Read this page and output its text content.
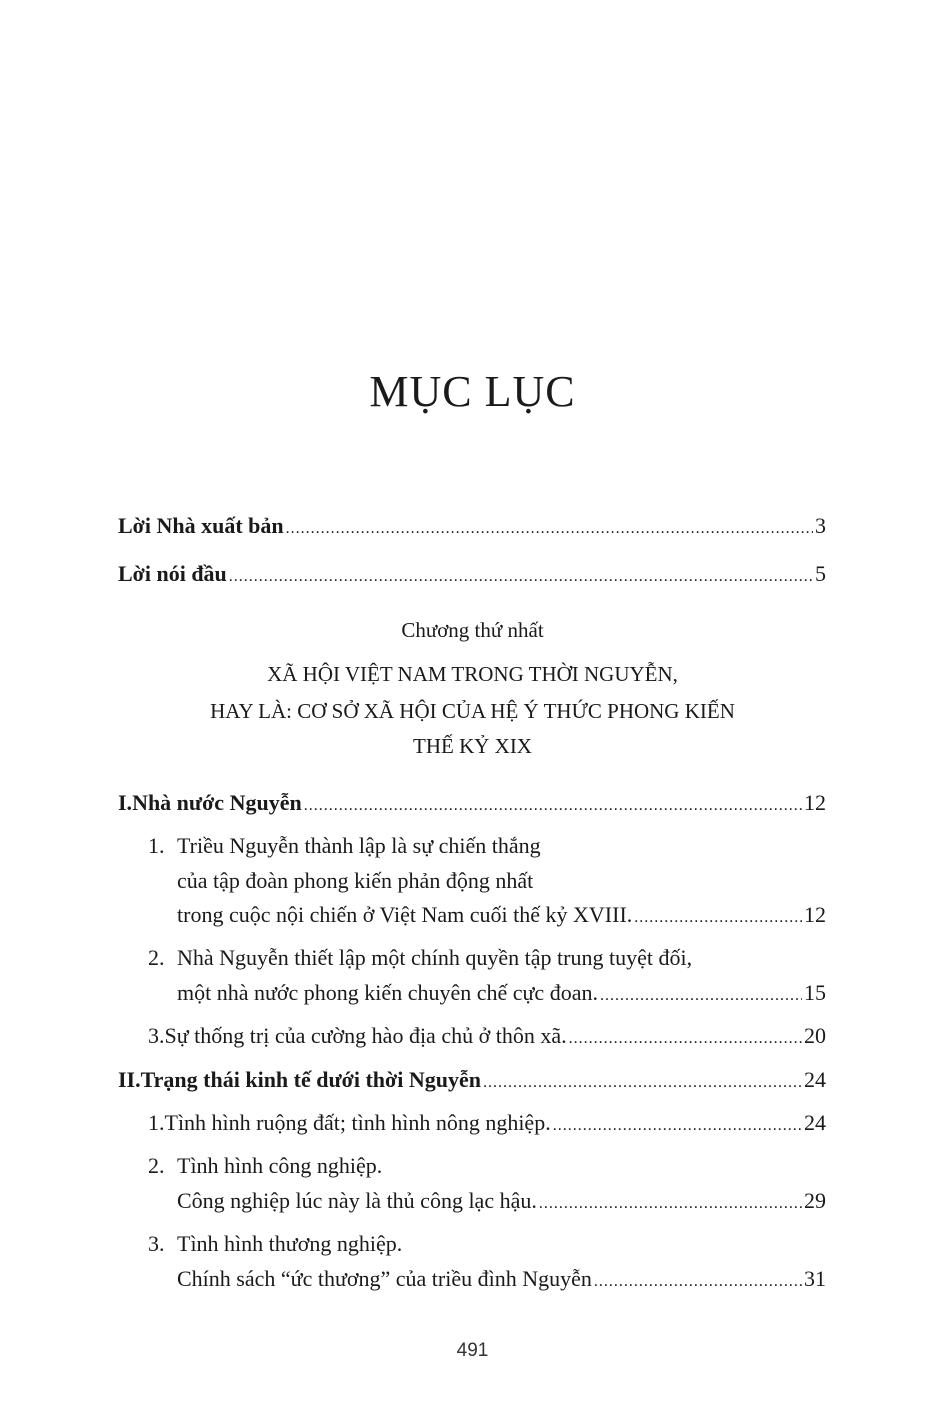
MỤC LỤC
Lời Nhà xuất bản .....	3
Lời nói đầu .....	5
Chương thứ nhất
XÃ HỘI VIỆT NAM TRONG THỜI NGUYỄN,
HAY LÀ: CƠ SỞ XÃ HỘI CỦA HỆ Ý THỨC PHONG KIẾN
THẾ KỶ XIX
I. Nhà nước Nguyễn .....	12
1. Triều Nguyễn thành lập là sự chiến thắng
của tập đoàn phong kiến phản động nhất
trong cuộc nội chiến ở Việt Nam cuối thế kỷ XVIII. .....	12
2. Nhà Nguyễn thiết lập một chính quyền tập trung tuyệt đối,
một nhà nước phong kiến chuyên chế cực đoan. .....	15
3. Sự thống trị của cường hào địa chủ ở thôn xã. .....	20
II. Trạng thái kinh tế dưới thời Nguyễn .....	24
1. Tình hình ruộng đất; tình hình nông nghiệp. .....	24
2. Tình hình công nghiệp.
Công nghiệp lúc này là thủ công lạc hậu. .....	29
3. Tình hình thương nghiệp.
Chính sách “ức thương” của triều đình Nguyễn .....	31
491
